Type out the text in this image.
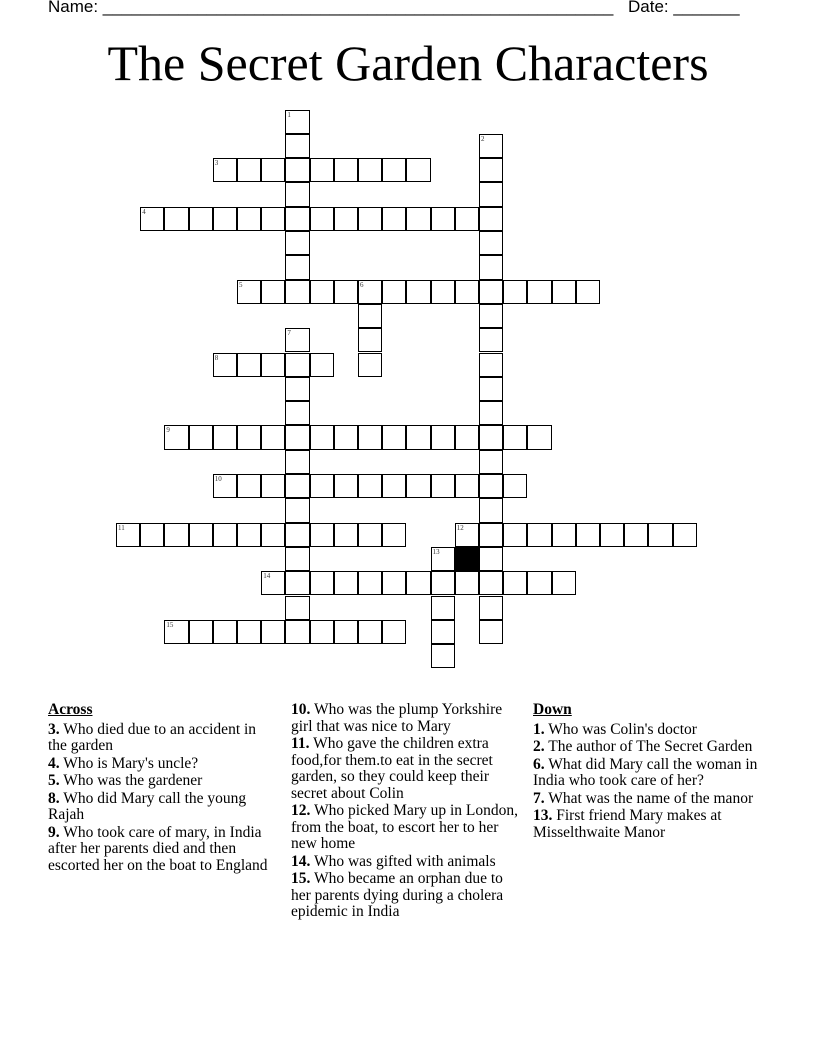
Name: ______________________________________________________ Date: _______
The Secret Garden Characters
1
2
3
4
5	6
7
8
9
10
11	12
13
14
15
Across
3. Who died due to an accident in the garden
4. Who is Mary's uncle?
5. Who was the gardener
8. Who did Mary call the young Rajah
9. Who took care of mary, in India after her parents died and then escorted her on the boat to England
10. Who was the plump Yorkshire girl that was nice to Mary
11. Who gave the children extra food,for them.to eat in the secret garden, so they could keep their secret about Colin
12. Who picked Mary up in London, from the boat, to escort her to her new home
14. Who was gifted with animals
15. Who became an orphan due to her parents dying during a cholera epidemic in India
Down
1. Who was Colin's doctor
2. The author of The Secret Garden
6. What did Mary call the woman in India who took care of her?
7. What was the name of the manor
13. First friend Mary makes at Misselthwaite Manor
